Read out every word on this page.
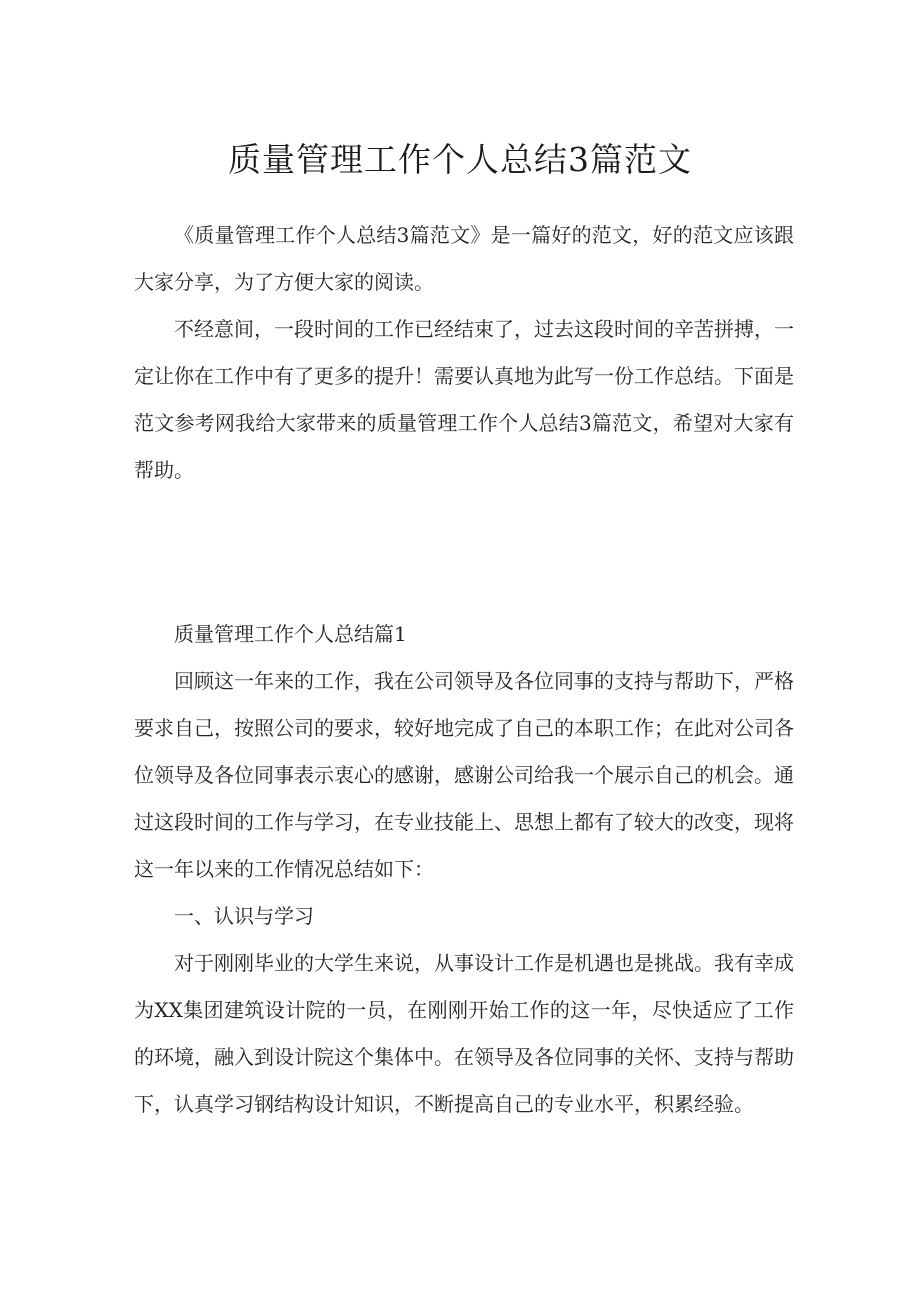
质量管理工作个人总结3篇范文

《质量管理工作个人总结3篇范文》是一篇好的范文，好的范文应该跟大家分享，为了方便大家的阅读。

不经意间，一段时间的工作已经结束了，过去这段时间的辛苦拼搏，一定让你在工作中有了更多的提升！需要认真地为此写一份工作总结。下面是范文参考网我给大家带来的质量管理工作个人总结3篇范文，希望对大家有帮助。

质量管理工作个人总结篇1

回顾这一年来的工作，我在公司领导及各位同事的支持与帮助下，严格要求自己，按照公司的要求，较好地完成了自己的本职工作；在此对公司各位领导及各位同事表示衷心的感谢，感谢公司给我一个展示自己的机会。通过这段时间的工作与学习，在专业技能上、思想上都有了较大的改变，现将这一年以来的工作情况总结如下：

一、认识与学习

对于刚刚毕业的大学生来说，从事设计工作是机遇也是挑战。我有幸成为XX集团建筑设计院的一员，在刚刚开始工作的这一年，尽快适应了工作的环境，融入到设计院这个集体中。在领导及各位同事的关怀、支持与帮助下，认真学习钢结构设计知识，不断提高自己的专业水平，积累经验。
